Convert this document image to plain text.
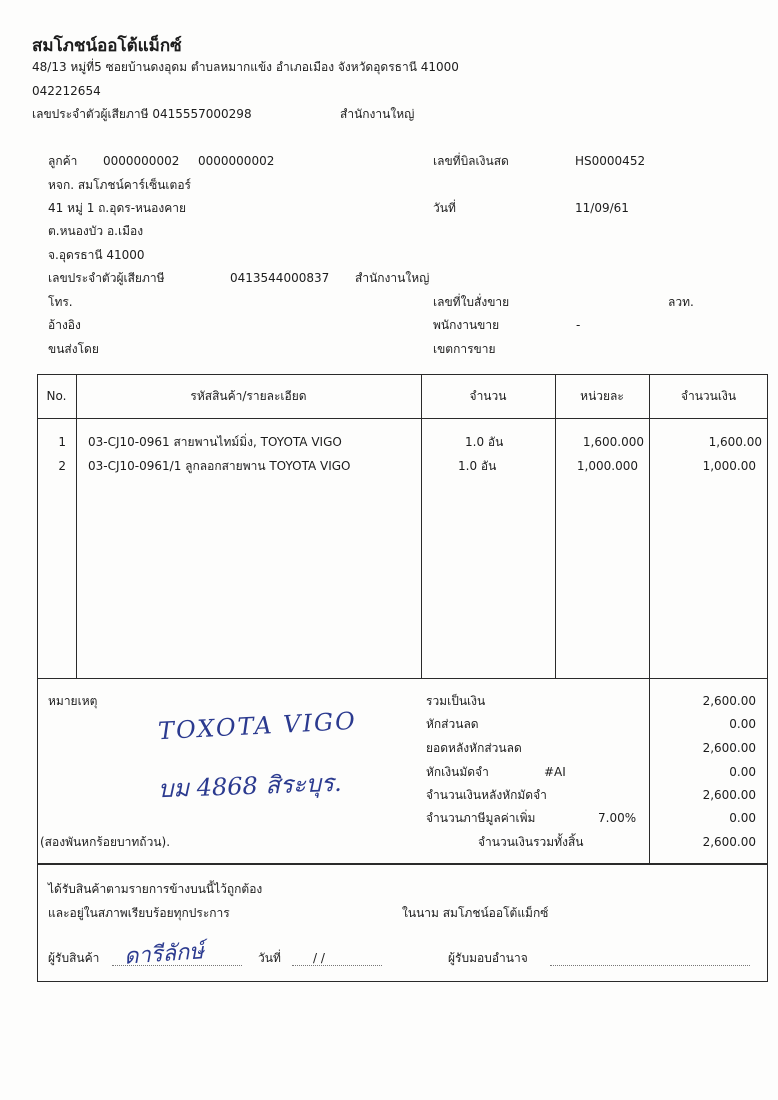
สมโภชน์ออโต้แม็กซ์
48/13 หมู่ที่5 ซอยบ้านดงอุดม ตำบลหมากแข้ง อำเภอเมือง จังหวัดอุดรธานี 41000
042212654
เลขประจำตัวผู้เสียภาษี 0415557000298	สำนักงานใหญ่
ลูกค้า 0000000002 0000000002
หจก. สมโภชน์คาร์เซ็นเตอร์
41 หมู่ 1 ถ.อุดร-หนองคาย
ต.หนองบัว อ.เมือง
จ.อุดรธานี 41000
เลขประจำตัวผู้เสียภาษี	0413544000837 สำนักงานใหญ่
โทร.
อ้างอิง
ขนส่งโดย
เลขที่บิลเงินสด	HS0000452
วันที่	11/09/61
เลขที่ใบสั่งขาย	ลวท.
พนักงานขาย	-
เขตการขาย
No.	รหัสสินค้า/รายละเอียด	จำนวน	หน่วยละ	จำนวนเงิน
1 03-CJ10-0961 สายพานไทม์มิ่ง, TOYOTA VIGO	1.0 อัน	1,600.000	1,600.00
2 03-CJ10-0961/1 ลูกลอกสายพาน TOYOTA VIGO	1.0 อัน	1,000.000	1,000.00
หมายเหตุ	รวมเป็นเงิน	2,600.00
หักส่วนลด	0.00
ยอดหลังหักส่วนลด	2,600.00
หักเงินมัดจำ	#AI	0.00
จำนวนเงินหลังหักมัดจำ	2,600.00
จำนวนภาษีมูลค่าเพิ่ม	7.00%	0.00
(สองพันหกร้อยบาทถ้วน).	จำนวนเงินรวมทั้งสิ้น	2,600.00
TOXOTA VIGO
บม 4868 สิระบุร.
ได้รับสินค้าตามรายการข้างบนนี้ไว้ถูกต้อง
และอยู่ในสภาพเรียบร้อยทุกประการ	ในนาม สมโภชน์ออโต้แม็กซ์
ผู้รับสินค้า ดารีลักษ์	วันที่	/ /	ผู้รับมอบอำนาจ
